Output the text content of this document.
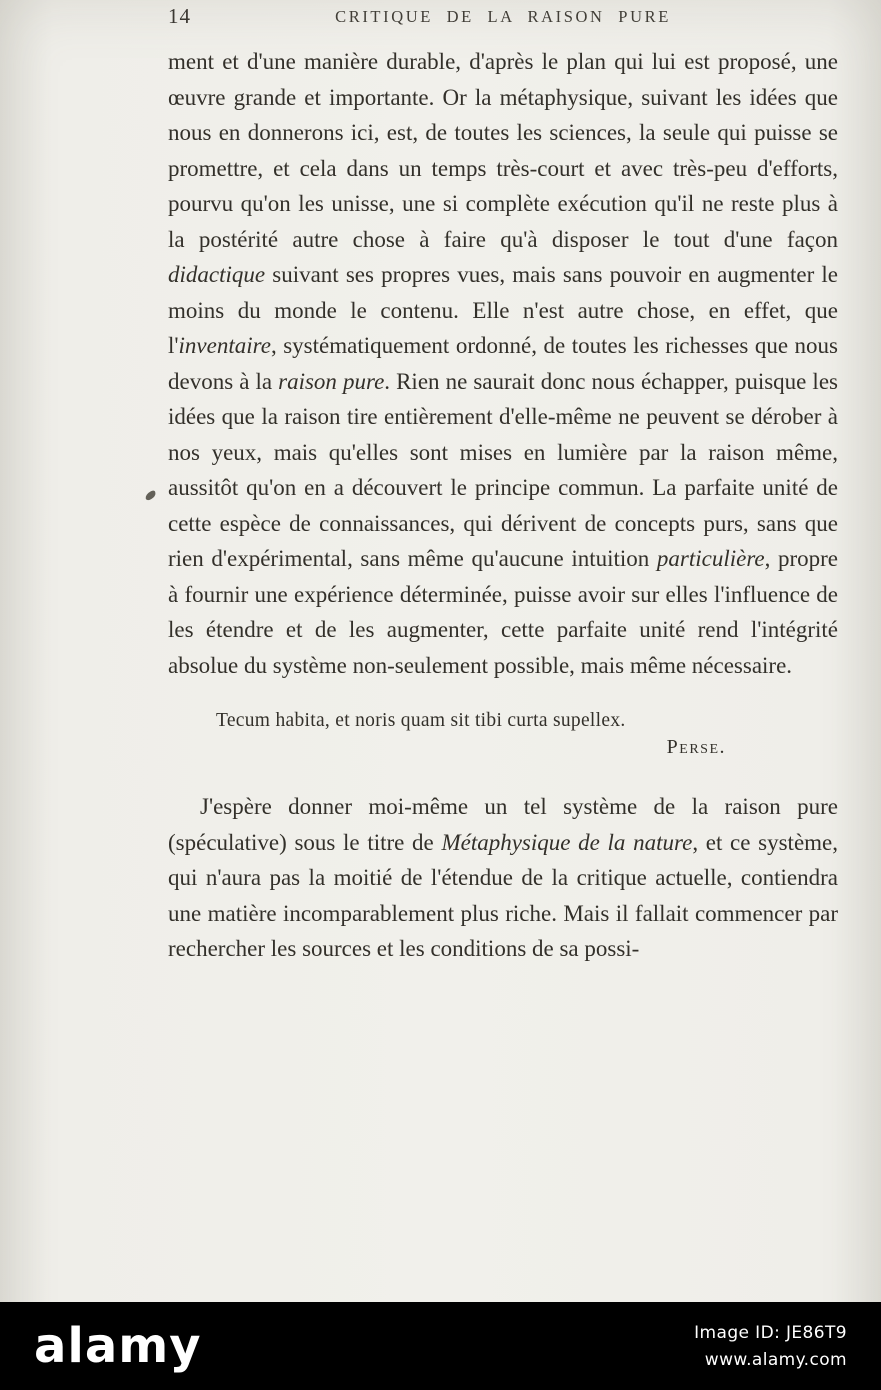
14	CRITIQUE DE LA RAISON PURE

ment et d'une manière durable, d'après le plan qui lui est proposé, une œuvre grande et importante. Or la métaphysique, suivant les idées que nous en donnerons ici, est, de toutes les sciences, la seule qui puisse se promettre, et cela dans un temps très-court et avec très-peu d'efforts, pourvu qu'on les unisse, une si complète exécution qu'il ne reste plus à la postérité autre chose à faire qu'à disposer le tout d'une façon didactique suivant ses propres vues, mais sans pouvoir en augmenter le moins du monde le contenu. Elle n'est autre chose, en effet, que l'inventaire, systématiquement ordonné, de toutes les richesses que nous devons à la raison pure. Rien ne saurait donc nous échapper, puisque les idées que la raison tire entièrement d'elle-même ne peuvent se dérober à nos yeux, mais qu'elles sont mises en lumière par la raison même, aussitôt qu'on en a découvert le principe commun. La parfaite unité de cette espèce de connaissances, qui dérivent de concepts purs, sans que rien d'expérimental, sans même qu'aucune intuition particulière, propre à fournir une expérience déterminée, puisse avoir sur elles l'influence de les étendre et de les augmenter, cette parfaite unité rend l'intégrité absolue du système non-seulement possible, mais même nécessaire.

Tecum habita, et noris quam sit tibi curta supellex.
Perse.

J'espère donner moi-même un tel système de la raison pure (spéculative) sous le titre de Métaphysique de la nature, et ce système, qui n'aura pas la moitié de l'étendue de la critique actuelle, contiendra une matière incomparablement plus riche. Mais il fallait commencer par rechercher les sources et les conditions de sa possi-

alamy	Image ID: JE86T9
www.alamy.com
